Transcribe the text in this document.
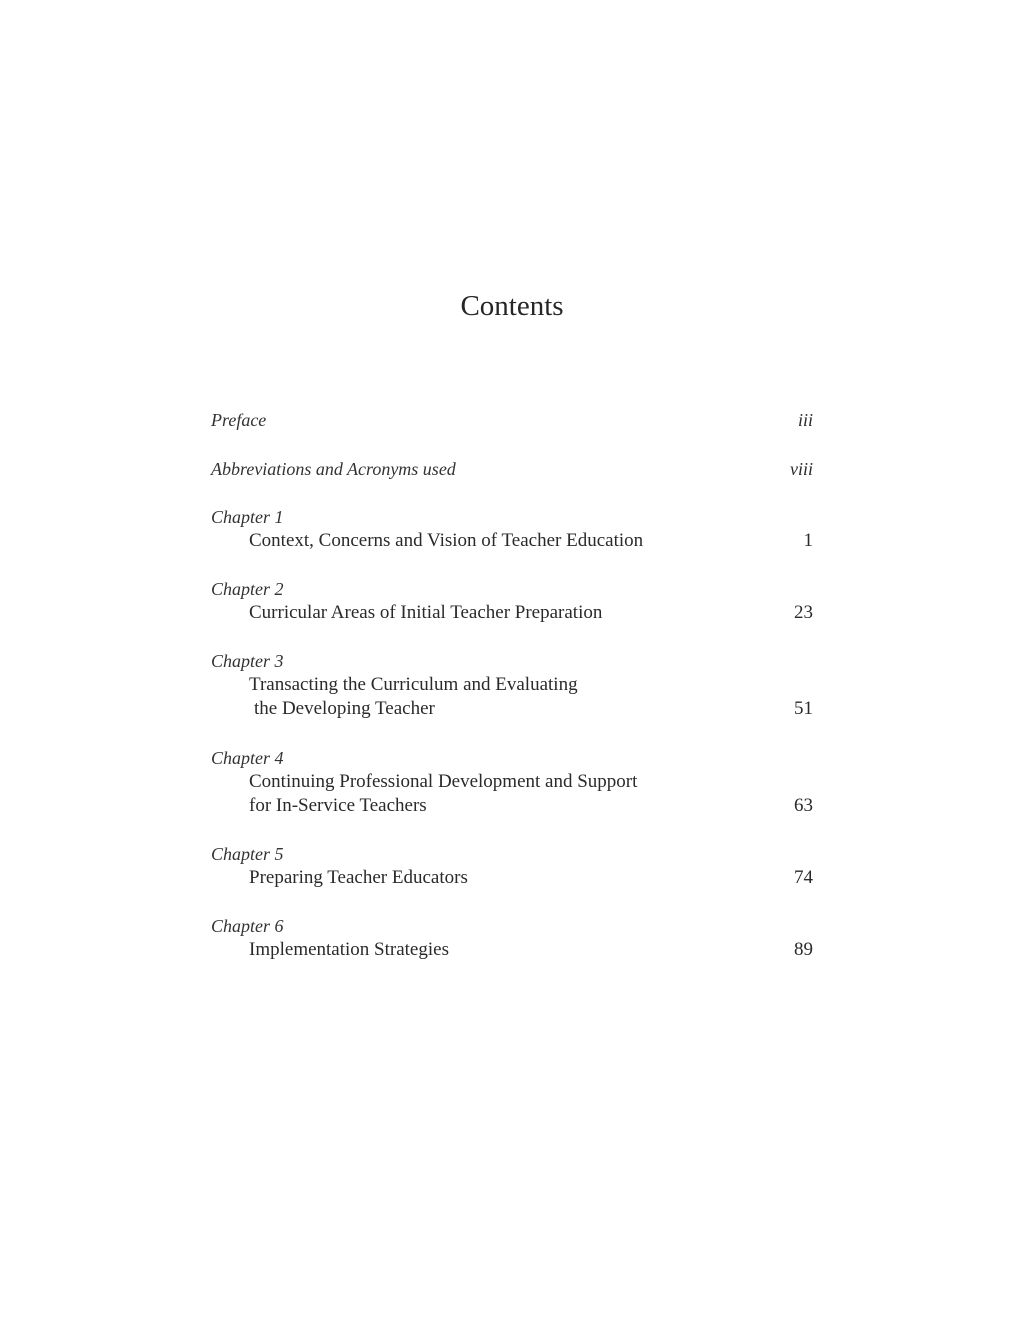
Contents
Preface	iii
Abbreviations and Acronyms used	viii
Chapter 1
Context, Concerns and Vision of Teacher Education	1
Chapter 2
Curricular Areas of Initial Teacher Preparation	23
Chapter 3
Transacting the Curriculum and Evaluating
the Developing Teacher	51
Chapter 4
Continuing Professional Development and Support
for In-Service Teachers	63
Chapter 5
Preparing Teacher Educators	74
Chapter 6
Implementation Strategies	89
